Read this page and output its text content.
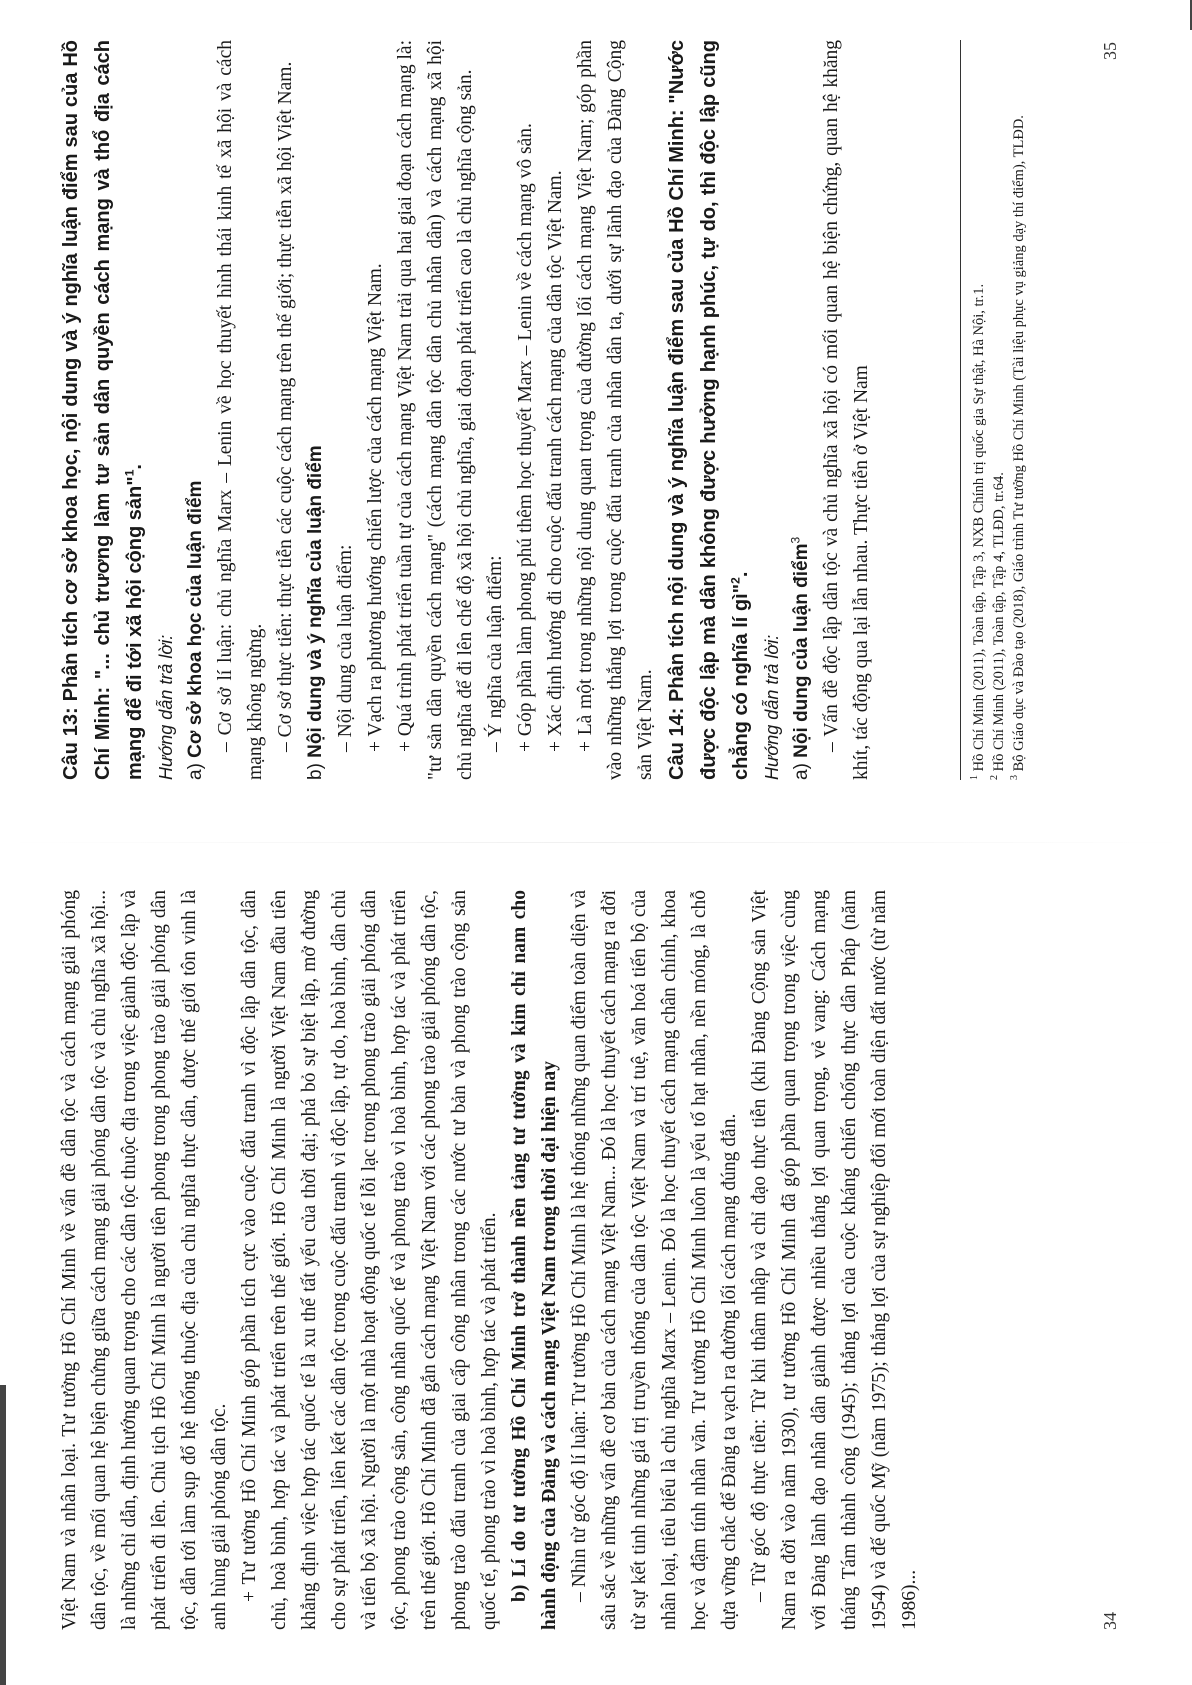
Việt Nam và nhân loại. Tư tưởng Hồ Chí Minh về vấn đề dân tộc và cách mạng giải phóng dân tộc, về mối quan hệ biện chứng giữa cách mạng giải phóng dân tộc và chủ nghĩa xã hội... là những chỉ dẫn, định hướng quan trọng cho các dân tộc thuộc địa trong việc giành độc lập và phát triển đi lên. Chủ tịch Hồ Chí Minh là người tiên phong trong phong trào giải phóng dân tộc, dẫn tới làm sụp đổ hệ thống thuộc địa của chủ nghĩa thực dân, được thế giới tôn vinh là anh hùng giải phóng dân tộc. + Tư tưởng Hồ Chí Minh góp phần tích cực vào cuộc đấu tranh vì độc lập dân tộc, dân chủ, hoà bình, hợp tác và phát triển trên thế giới. Hồ Chí Minh là người Việt Nam đầu tiên khẳng định việc hợp tác quốc tế là xu thế tất yếu của thời đại; phá bỏ sự biệt lập, mở đường cho sự phát triển, liên kết các dân tộc trong cuộc đấu tranh vì độc lập, tự do, hoà bình, dân chủ và tiến bộ xã hội. Người là một nhà hoạt động quốc tế lỗi lạc trong phong trào giải phóng dân tộc, phong trào cộng sản, công nhân quốc tế và phong trào vì hoà bình, hợp tác và phát triển trên thế giới. Hồ Chí Minh đã gắn cách mạng Việt Nam với các phong trào giải phóng dân tộc, phong trào đấu tranh của giai cấp công nhân trong các nước tư bản và phong trào cộng sản quốc tế, phong trào vì hoà bình, hợp tác và phát triển. b) Lí do tư tưởng Hồ Chí Minh trở thành nền tảng tư tưởng và kim chỉ nam cho hành động của Đảng và cách mạng Việt Nam trong thời đại hiện nay – Nhìn từ góc độ lí luận: Tư tưởng Hồ Chí Minh là hệ thống những quan điểm toàn diện và sâu sắc về những vấn đề cơ bản của cách mạng Việt Nam... Đó là học thuyết cách mạng ra đời từ sự kết tinh những giá trị truyền thống của dân tộc Việt Nam và trí tuệ, văn hoá tiến bộ của nhân loại, tiêu biểu là chủ nghĩa Marx – Lenin. Đó là học thuyết cách mạng chân chính, khoa học và đậm tính nhân văn. Tư tưởng Hồ Chí Minh luôn là yếu tố hạt nhân, nền móng, là chỗ dựa vững chắc để Đảng ta vạch ra đường lối cách mạng đúng đắn. – Từ góc độ thực tiễn: Từ khi thâm nhập và chỉ đạo thực tiễn (khi Đảng Cộng sản Việt Nam ra đời vào năm 1930), tư tưởng Hồ Chí Minh đã góp phần quan trọng trong việc cùng với Đảng lãnh đạo nhân dân giành được nhiều thắng lợi quan trọng, vẻ vang: Cách mạng tháng Tám thành công (1945); thắng lợi của cuộc kháng chiến chống thực dân Pháp (năm 1954) và đế quốc Mỹ (năm 1975); thắng lợi của sự nghiệp đổi mới toàn diện đất nước (từ năm 1986)...	34

Câu 13: Phân tích cơ sở khoa học, nội dung và ý nghĩa luận điểm sau của Hồ Chí Minh: "... chủ trương làm tư sản dân quyền cách mạng và thổ địa cách mạng để đi tới xã hội cộng sản"$^1$.

Hướng dẫn trả lời: a) Cơ sở khoa học của luận điểm – Cơ sở lí luận: chủ nghĩa Marx – Lenin về học thuyết hình thái kinh tế xã hội và cách mạng không ngừng. – Cơ sở thực tiễn: thực tiễn các cuộc cách mạng trên thế giới; thực tiễn xã hội Việt Nam.

b) Nội dung và ý nghĩa của luận điểm – Nội dung của luận điểm: + Vạch ra phương hướng chiến lược của cách mạng Việt Nam. + Quá trình phát triển tuần tự của cách mạng Việt Nam trải qua hai giai đoạn cách mạng là: "tư sản dân quyền cách mạng" (cách mạng dân tộc dân chủ nhân dân) và cách mạng xã hội chủ nghĩa để đi lên chế độ xã hội chủ nghĩa, giai đoạn phát triển cao là chủ nghĩa cộng sản. – Ý nghĩa của luận điểm: + Góp phần làm phong phú thêm học thuyết Marx – Lenin về cách mạng vô sản. + Xác định hướng đi cho cuộc đấu tranh cách mạng của dân tộc Việt Nam. + Là một trong những nội dung quan trọng của đường lối cách mạng Việt Nam; góp phần vào những thắng lợi trong cuộc đấu tranh của nhân dân ta, dưới sự lãnh đạo của Đảng Cộng sản Việt Nam. Câu 14: Phân tích nội dung và ý nghĩa luận điểm sau của Hồ Chí Minh: "Nước được độc lập mà dân không được hưởng hạnh phúc, tự do, thì độc lập cũng chẳng có nghĩa lí gì"$^2$.

Hướng dẫn trả lời: a) Nội dung của luận điểm$^3$ – Vấn đề độc lập dân tộc và chủ nghĩa xã hội có mối quan hệ biện chứng, quan hệ khăng khít, tác động qua lại lẫn nhau. Thực tiễn ở Việt Nam	$^1$ Hồ Chí Minh (2011), Toàn tập, Tập 3, NXB Chính trị quốc gia Sự thật, Hà Nội, tr.1.
$^2$ Hồ Chí Minh (2011), Toàn tập, Tập 4, TLĐD, tr.64.
$^3$ Bộ Giáo dục và Đào tạo (2018), Giáo trình Tư tưởng Hồ Chí Minh (Tài liệu phục vụ giảng dạy thí điểm), TLĐD.
35
